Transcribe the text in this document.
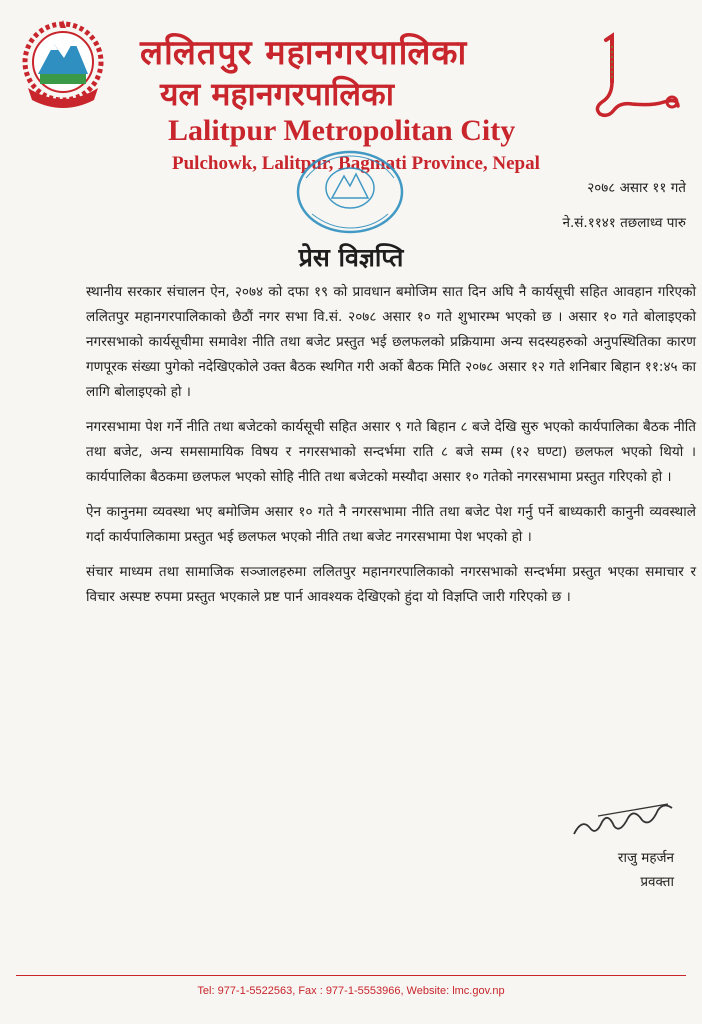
ललितपुर महानगरपालिका
यल महानगरपालिका
Lalitpur Metropolitan City
Pulchowk, Lalitpur, Bagmati Province, Nepal
२०७८ असार ११ गते
ने.सं.११४१ तछलाध्व पारु
प्रेस विज्ञप्ति

स्थानीय सरकार संचालन ऐन, २०७४ को दफा १९ को प्रावधान बमोजिम सात दिन अघि नै कार्यसूची सहित आवहान गरिएको ललितपुर महानगरपालिकाको छैठौं नगर सभा वि.सं. २०७८ असार १० गते शुभारम्भ भएको छ । असार १० गते बोलाइएको नगरसभाको कार्यसूचीमा समावेश नीति तथा बजेट प्रस्तुत भई छलफलको प्रक्रियामा अन्य सदस्यहरुको अनुपस्थितिका कारण गणपूरक संख्या पुगेको नदेखिएकोले उक्त बैठक स्थगित गरी अर्को बैठक मिति २०७८ असार १२ गते शनिबार बिहान ११:४५ का लागि बोलाइएको हो ।

नगरसभामा पेश गर्ने नीति तथा बजेटको कार्यसूची सहित असार ९ गते बिहान ८ बजे देखि सुरु भएको कार्यपालिका बैठक नीति तथा बजेट, अन्य समसामायिक विषय र नगरसभाको सन्दर्भमा राति ८ बजे सम्म (१२ घण्टा) छलफल भएको थियो । कार्यपालिका बैठकमा छलफल भएको सोहि नीति तथा बजेटको मस्यौदा असार १० गतेको नगरसभामा प्रस्तुत गरिएको हो ।

ऐन कानुनमा व्यवस्था भए बमोजिम असार १० गते नै नगरसभामा नीति तथा बजेट पेश गर्नु पर्ने बाध्यकारी कानुनी व्यवस्थाले गर्दा कार्यपालिकामा प्रस्तुत भई छलफल भएको नीति तथा बजेट नगरसभामा पेश भएको हो ।

संचार माध्यम तथा सामाजिक सञ्जालहरुमा ललितपुर महानगरपालिकाको नगरसभाको सन्दर्भमा प्रस्तुत भएका समाचार र विचार अस्पष्ट रुपमा प्रस्तुत भएकाले प्रष्ट पार्न आवश्यक देखिएको हुंदा यो विज्ञप्ति जारी गरिएको छ ।

राजु महर्जन
प्रवक्ता
Tel: 977-1-5522563, Fax : 977-1-5553966, Website: lmc.gov.np
